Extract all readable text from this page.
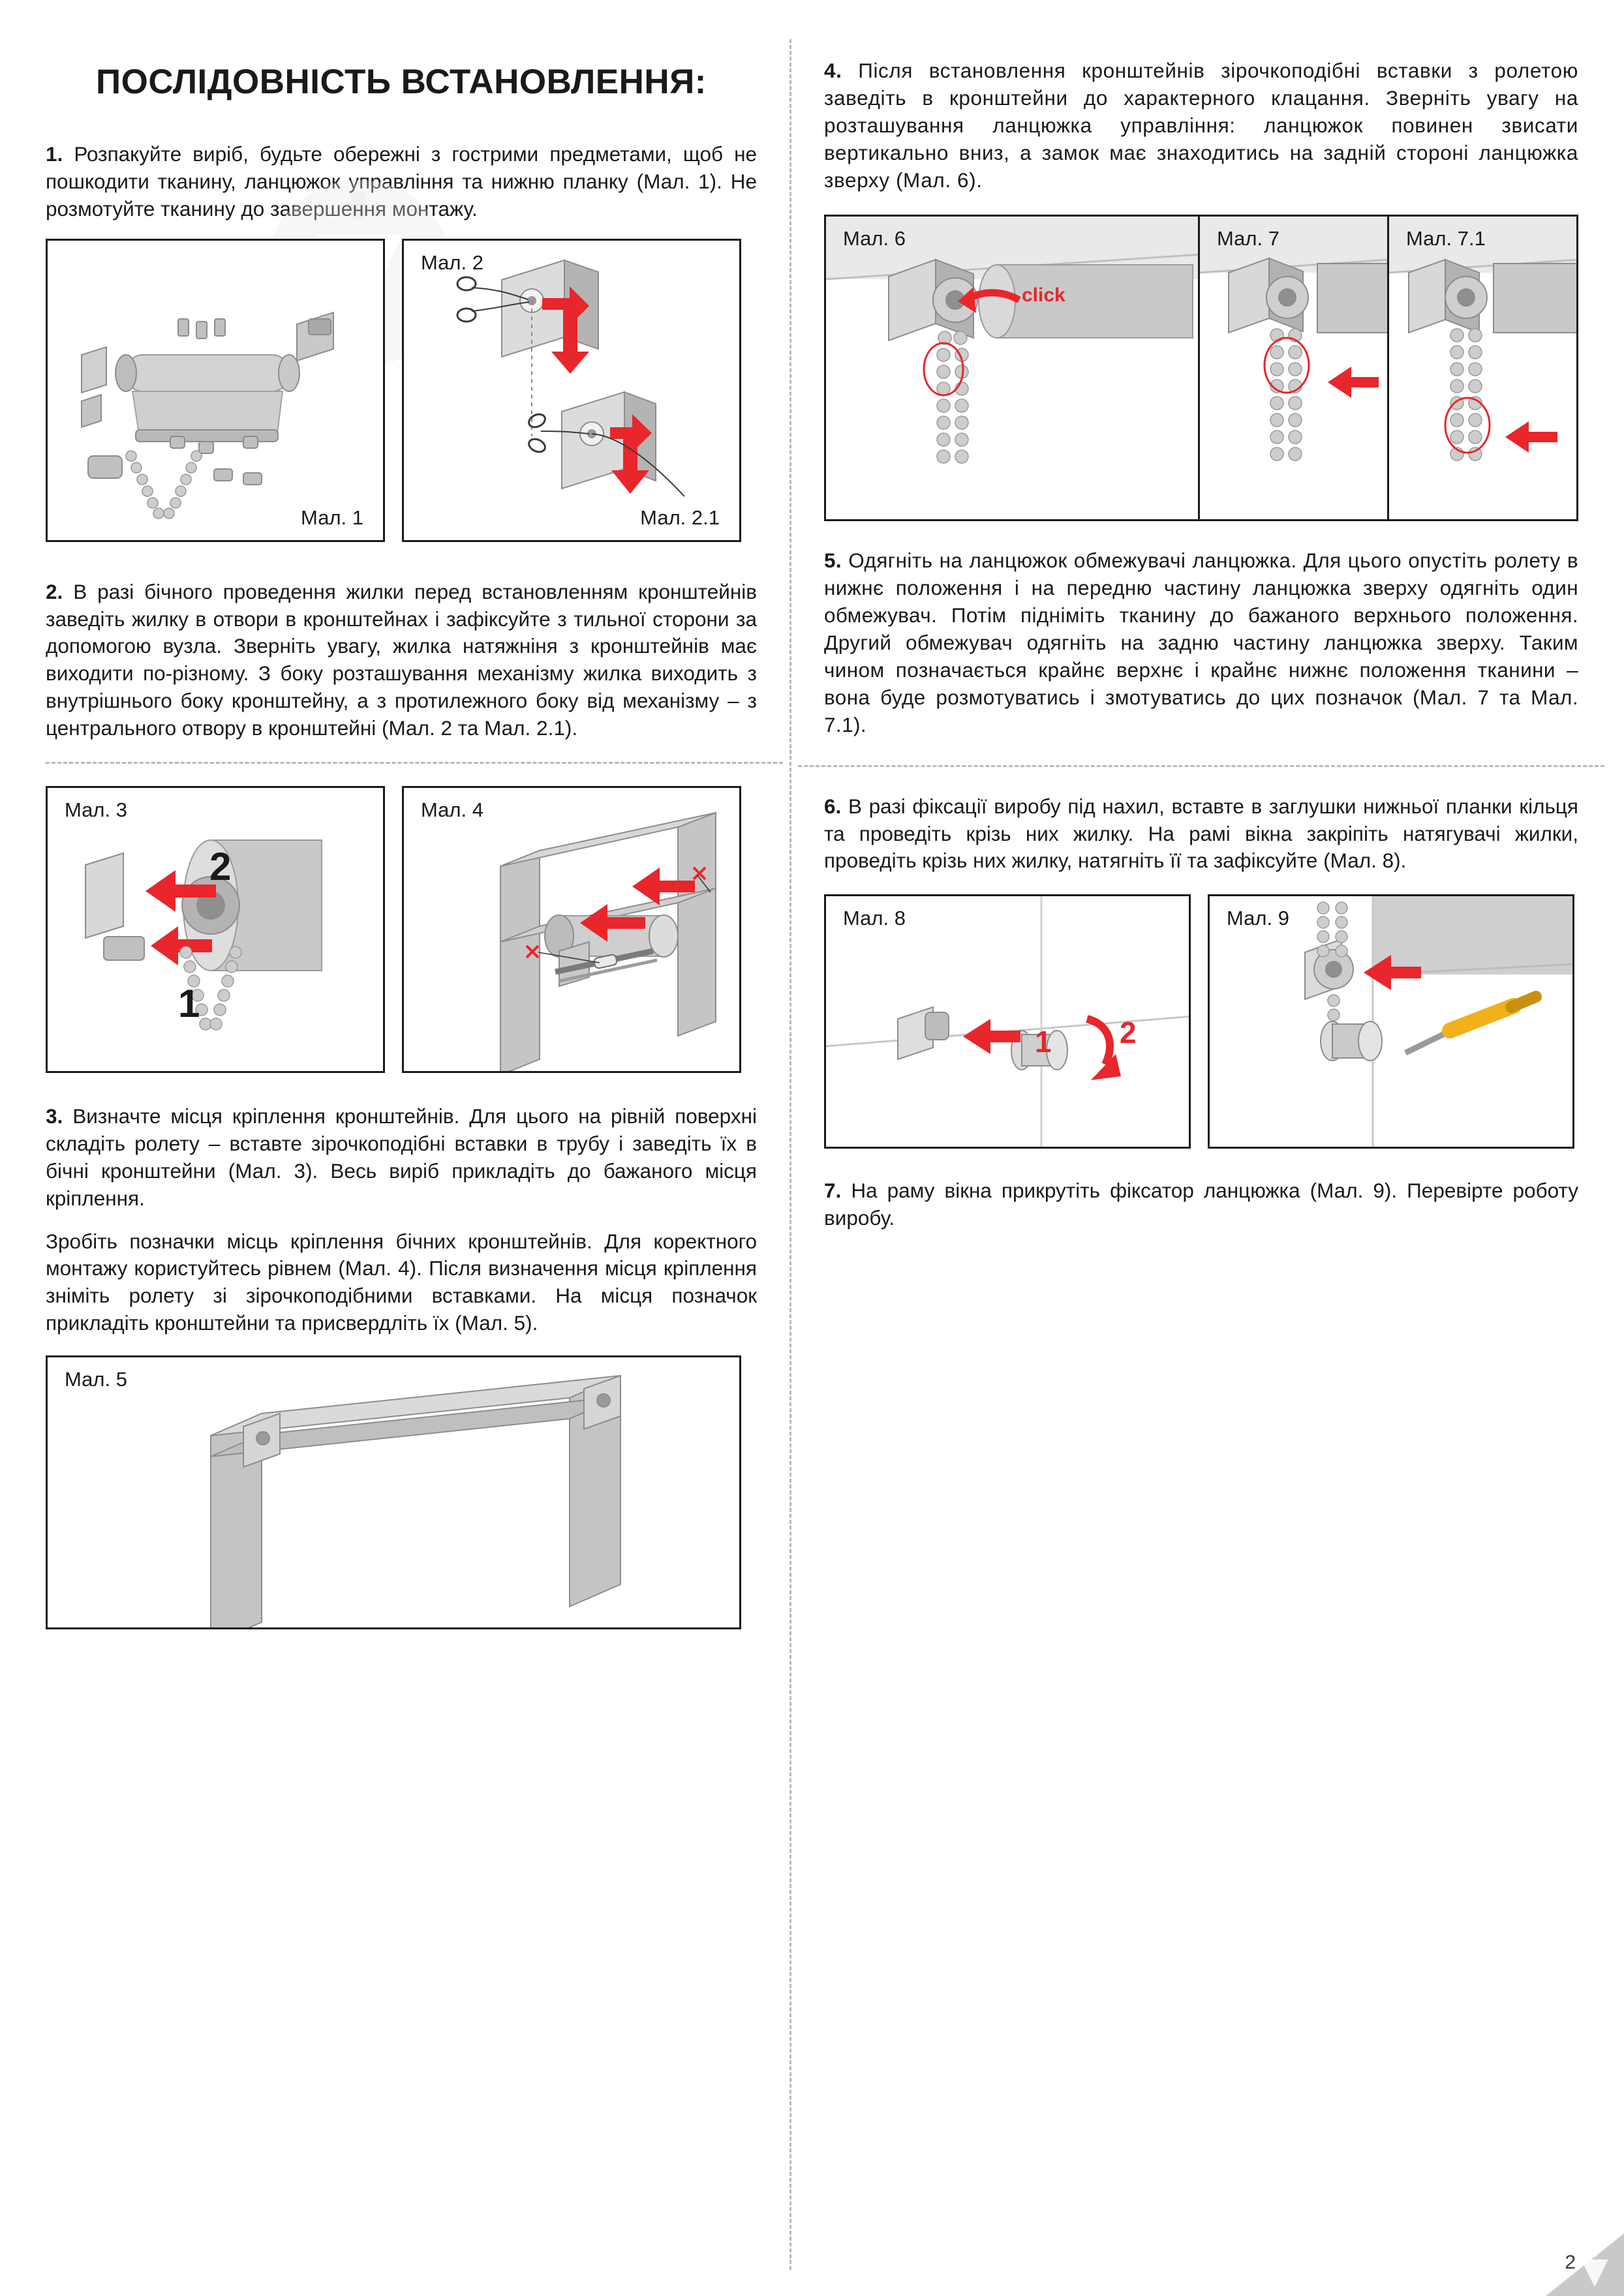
ПОСЛІДОВНІСТЬ ВСТАНОВЛЕННЯ:

1. Розпакуйте виріб, будьте обережні з гострими предметами, щоб не пошкодити тканину, ланцюжок управління та нижню планку (Мал. 1). Не розмотуйте тканину до завершення монтажу.

Мал. 1
Мал. 2
Мал. 2.1

2. В разі бічного проведення жилки перед встановленням кронштейнів заведіть жилку в отвори в кронштейнах і зафіксуйте з тильної сторони за допомогою вузла. Зверніть увагу, жилка натяжніня з кронштейнів має виходити по-різному. З боку розташування механізму жилка виходить з внутрішнього боку кронштейну, а з протилежного боку від механізму – з центрального отвору в кронштейні (Мал. 2 та Мал. 2.1).

Мал. 3
2
1
Мал. 4

3. Визначте місця кріплення кронштейнів. Для цього на рівній поверхні складіть ролету – вставте зірочкоподібні вставки в трубу і заведіть їх в бічні кронштейни (Мал. 3). Весь виріб прикладіть до бажаного місця кріплення.

Зробіть позначки місць кріплення бічних кронштейнів. Для коректного монтажу користуйтесь рівнем (Мал. 4). Після визначення місця кріплення зніміть ролету зі зірочкоподібними вставками. На місця позначок прикладіть кронштейни та присвердліть їх (Мал. 5).

Мал. 5

4. Після встановлення кронштейнів зірочкоподібні вставки з ролетою заведіть в кронштейни до характерного клацання. Зверніть увагу на розташування ланцюжка управління: ланцюжок повинен звисати вертикально вниз, а замок має знаходитись на задній стороні ланцюжка зверху (Мал. 6).

Мал. 6
click
Мал. 7	Мал. 7.1

5. Одягніть на ланцюжок обмежувачі ланцюжка. Для цього опустіть ролету в нижнє положення і на передню частину ланцюжка зверху одягніть один обмежувач. Потім підніміть тканину до бажаного верхнього положення. Другий обмежувач одягніть на задню частину ланцюжка зверху. Таким чином позначається крайнє верхнє і крайнє нижнє положення тканини – вона буде розмотуватись і змотуватись до цих позначок (Мал. 7 та Мал. 7.1).

6. В разі фіксації виробу під нахил, вставте в заглушки нижньої планки кільця та проведіть крізь них жилку. На рамі вікна закріпіть натягувачі жилки, проведіть крізь них жилку, натягніть її та зафіксуйте (Мал. 8).

Мал. 8
1 2
Мал. 9

7. На раму вікна прикрутіть фіксатор ланцюжка (Мал. 9). Перевірте роботу виробу.

2
